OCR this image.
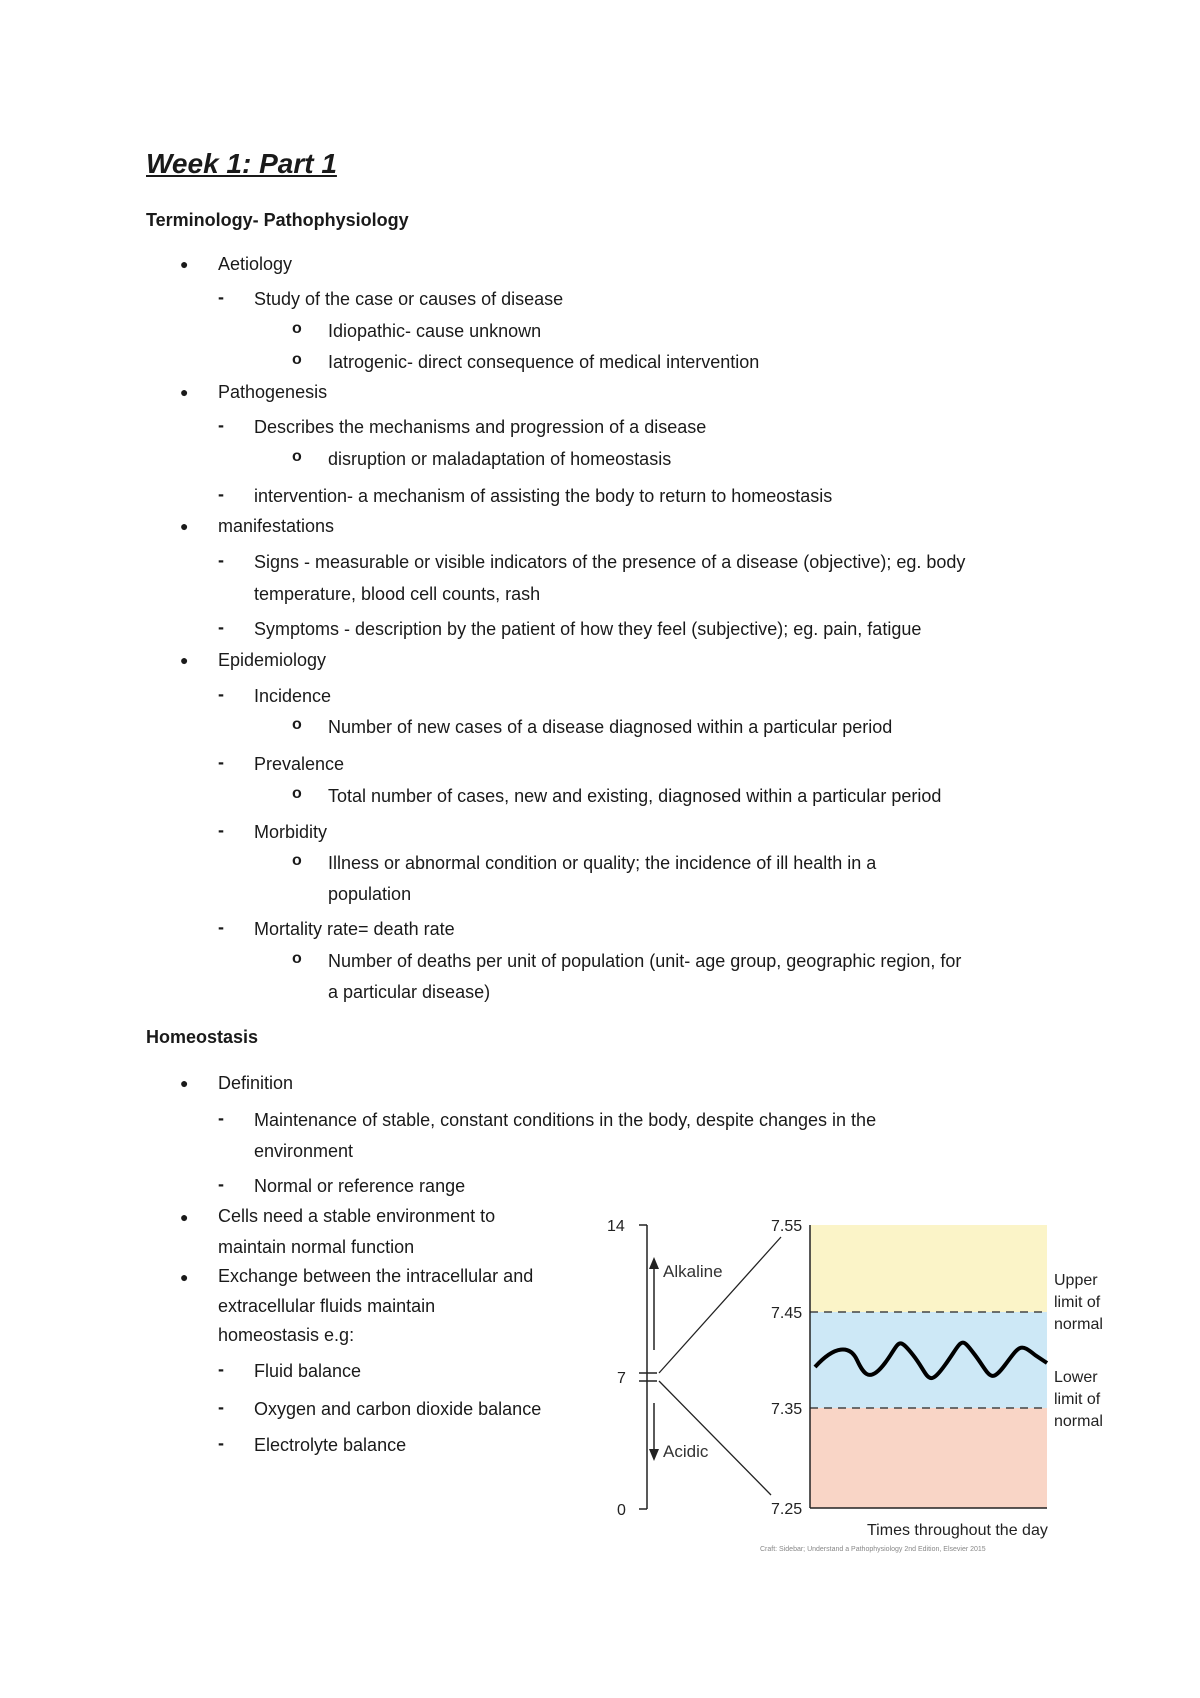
Week 1: Part 1
Terminology- Pathophysiology
● Aetiology
- Study of the case or causes of disease
o Idiopathic- cause unknown
o Iatrogenic- direct consequence of medical intervention
● Pathogenesis
- Describes the mechanisms and progression of a disease
o disruption or maladaptation of homeostasis
- intervention- a mechanism of assisting the body to return to homeostasis
● manifestations
- Signs - measurable or visible indicators of the presence of a disease (objective); eg. body
temperature, blood cell counts, rash
- Symptoms - description by the patient of how they feel (subjective); eg. pain, fatigue
● Epidemiology
- Incidence
o Number of new cases of a disease diagnosed within a particular period
- Prevalence
o Total number of cases, new and existing, diagnosed within a particular period
- Morbidity
o Illness or abnormal condition or quality; the incidence of ill health in a
population
- Mortality rate= death rate
o Number of deaths per unit of population (unit- age group, geographic region, for
a particular disease)
Homeostasis
● Definition
- Maintenance of stable, constant conditions in the body, despite changes in the
environment
- Normal or reference range
● Cells need a stable environment to
maintain normal function
● Exchange between the intracellular and
extracellular fluids maintain
homeostasis e.g:
- Fluid balance
- Oxygen and carbon dioxide balance
- Electrolyte balance
14
7
0
Alkaline
Acidic
7.55
7.45
7.35
7.25
Upper
limit of
normal
Lower
limit of
normal
Times throughout the day
Craft: Sidebar; Understand a Pathophysiology 2nd Edition, Elsevier 2015
